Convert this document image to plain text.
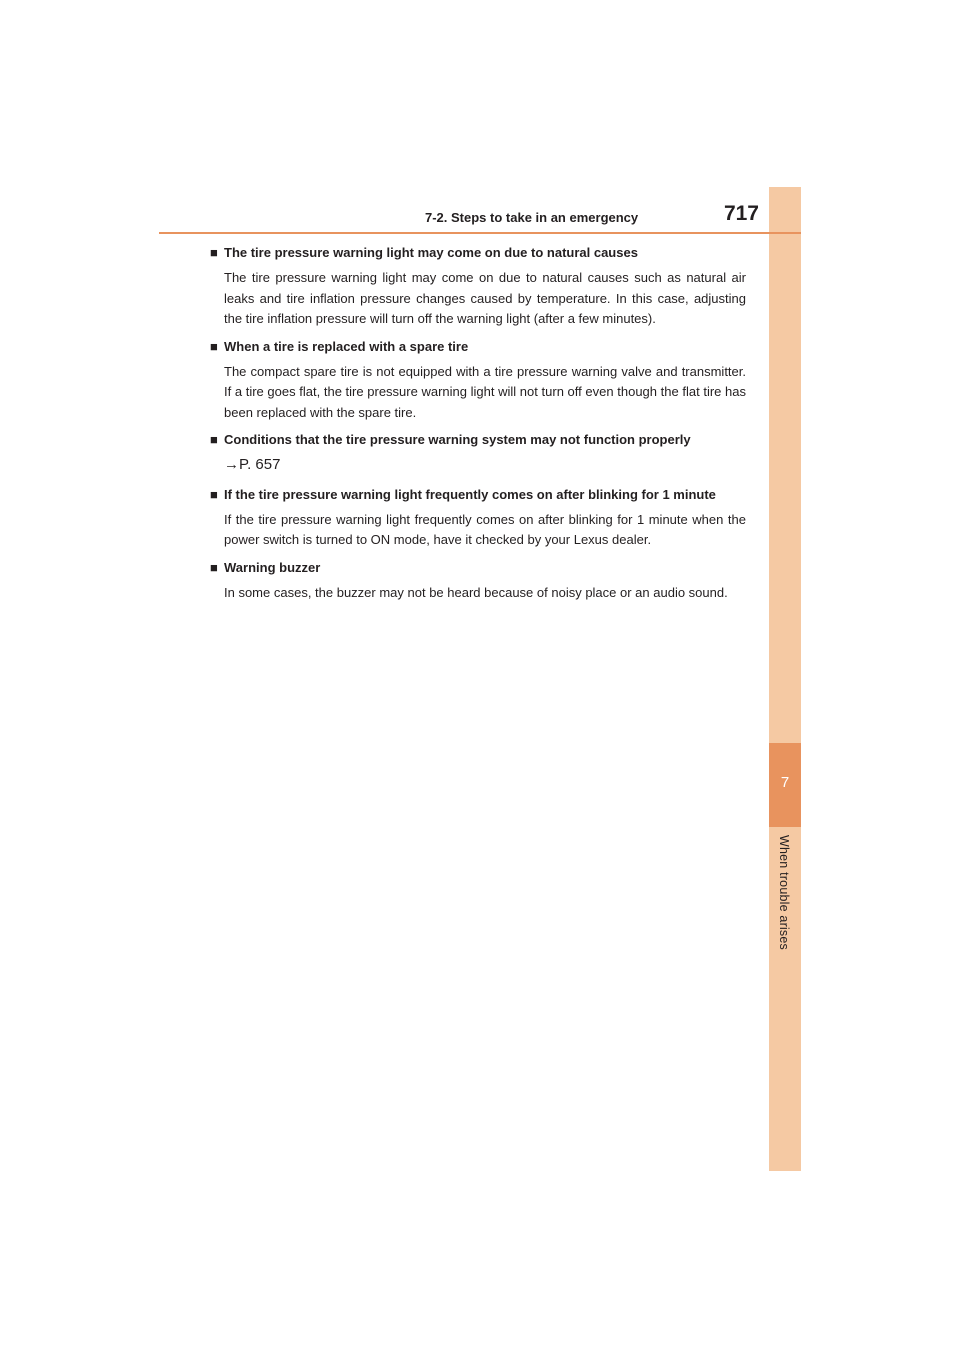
7
When trouble arises
7-2. Steps to take in an emergency	717
■ The tire pressure warning light may come on due to natural causes
The tire pressure warning light may come on due to natural causes such as natural air leaks and tire inflation pressure changes caused by temperature. In this case, adjusting the tire inflation pressure will turn off the warning light (after a few minutes).
■ When a tire is replaced with a spare tire
The compact spare tire is not equipped with a tire pressure warning valve and transmitter. If a tire goes flat, the tire pressure warning light will not turn off even though the flat tire has been replaced with the spare tire.
■ Conditions that the tire pressure warning system may not function properly
→P. 657
■ If the tire pressure warning light frequently comes on after blinking for 1 minute
If the tire pressure warning light frequently comes on after blinking for 1 minute when the power switch is turned to ON mode, have it checked by your Lexus dealer.
■ Warning buzzer
In some cases, the buzzer may not be heard because of noisy place or an audio sound.
